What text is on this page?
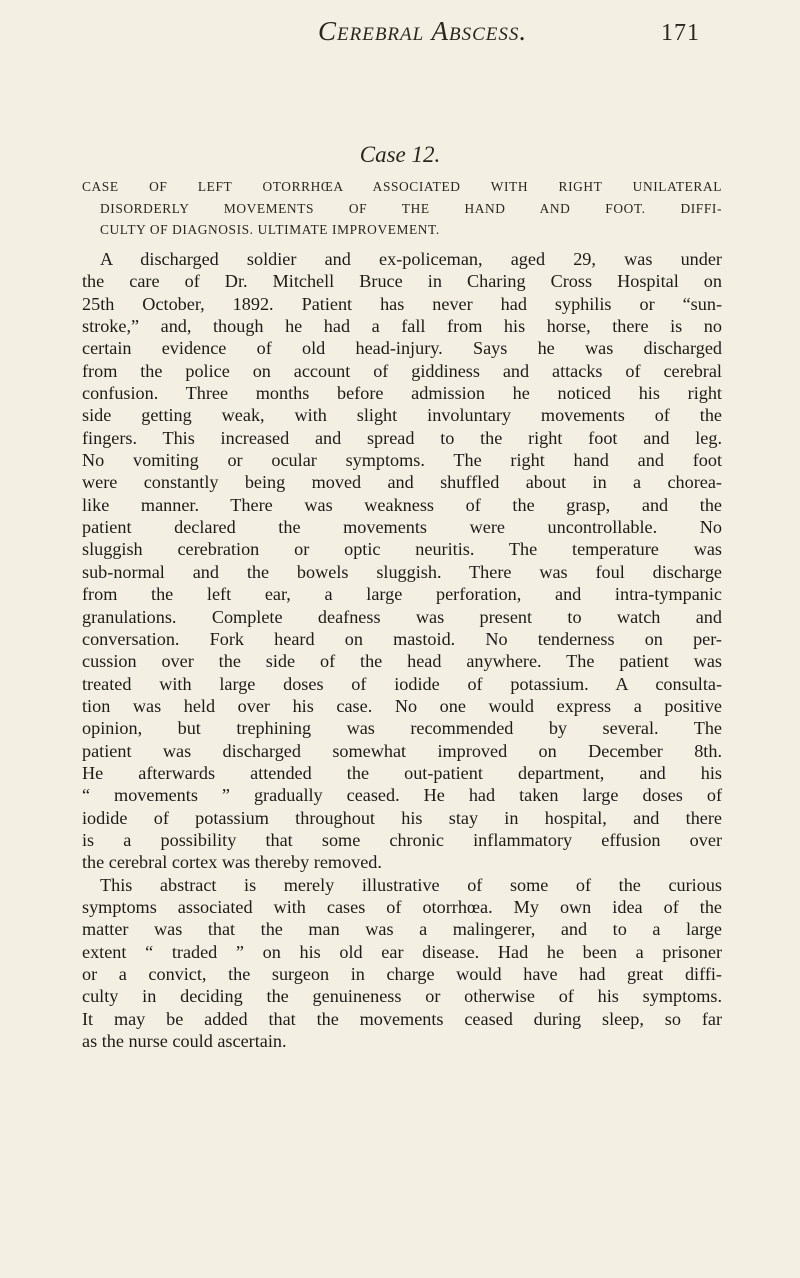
Cerebral Abscess.	171
Case 12.
CASE OF LEFT OTORRHŒA ASSOCIATED WITH RIGHT UNILATERAL
DISORDERLY MOVEMENTS OF THE HAND AND FOOT. DIFFI-
CULTY OF DIAGNOSIS. ULTIMATE IMPROVEMENT.
A discharged soldier and ex-policeman, aged 29, was under
the care of Dr. Mitchell Bruce in Charing Cross Hospital on
25th October, 1892. Patient has never had syphilis or “sun-
stroke,” and, though he had a fall from his horse, there is no
certain evidence of old head-injury. Says he was discharged
from the police on account of giddiness and attacks of cerebral
confusion. Three months before admission he noticed his right
side getting weak, with slight involuntary movements of the
fingers. This increased and spread to the right foot and leg.
No vomiting or ocular symptoms. The right hand and foot
were constantly being moved and shuffled about in a chorea-
like manner. There was weakness of the grasp, and the
patient declared the movements were uncontrollable. No
sluggish cerebration or optic neuritis. The temperature was
sub-normal and the bowels sluggish. There was foul discharge
from the left ear, a large perforation, and intra-tympanic
granulations. Complete deafness was present to watch and
conversation. Fork heard on mastoid. No tenderness on per-
cussion over the side of the head anywhere. The patient was
treated with large doses of iodide of potassium. A consulta-
tion was held over his case. No one would express a positive
opinion, but trephining was recommended by several. The
patient was discharged somewhat improved on December 8th.
He afterwards attended the out-patient department, and his
“ movements ” gradually ceased. He had taken large doses of
iodide of potassium throughout his stay in hospital, and there
is a possibility that some chronic inflammatory effusion over
the cerebral cortex was thereby removed.
This abstract is merely illustrative of some of the curious
symptoms associated with cases of otorrhœa. My own idea of the
matter was that the man was a malingerer, and to a large
extent “ traded ” on his old ear disease. Had he been a prisoner
or a convict, the surgeon in charge would have had great diffi-
culty in deciding the genuineness or otherwise of his symptoms.
It may be added that the movements ceased during sleep, so far
as the nurse could ascertain.
